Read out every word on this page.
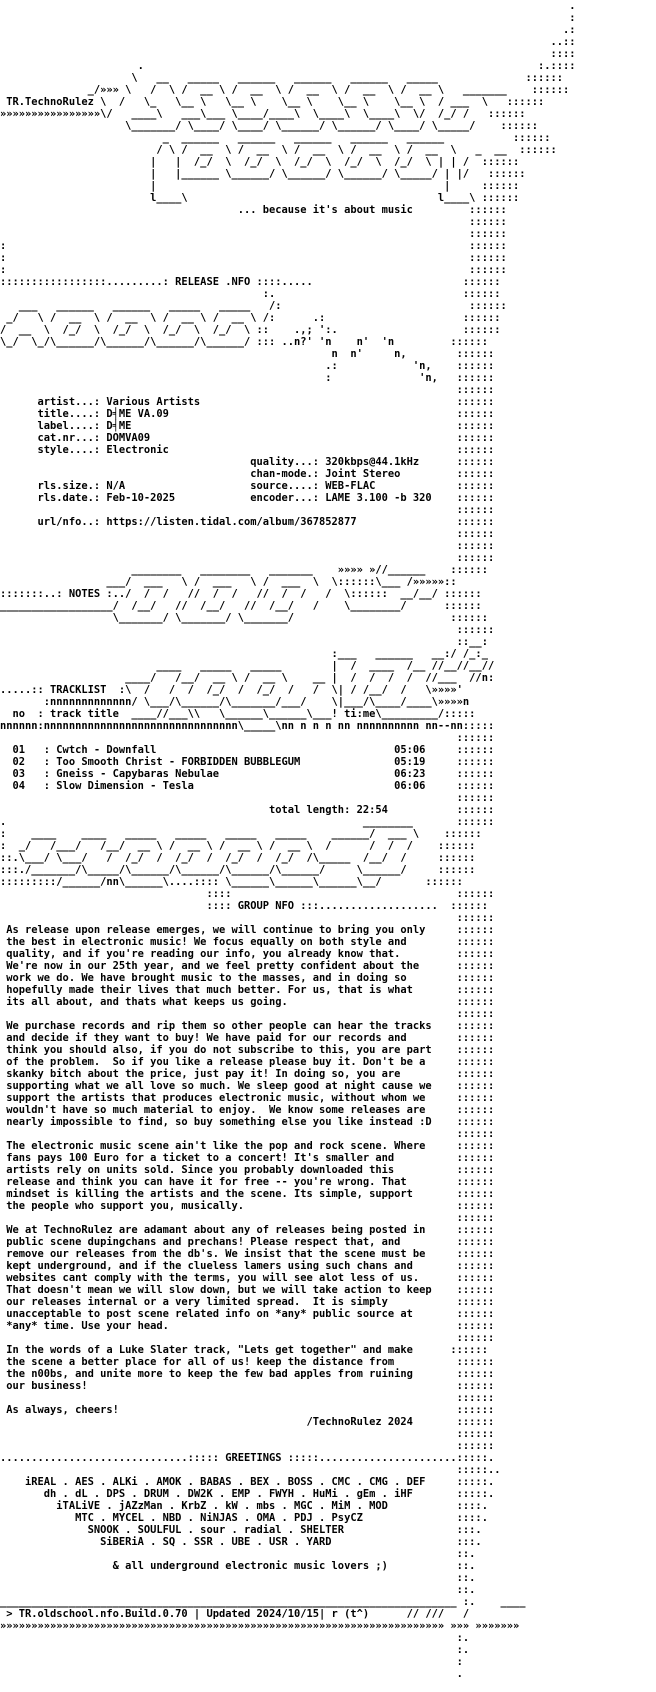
.
:
.:
..::
::::
.                                                               :.::::
\   __   _____   ______   ______   ______   _____              ::::::
_/»»» \   /  \ /  __ \ /  __  \ /  __  \ /  __  \ /  __ \   _______    ::::::
TR.TechnoRulez \  /   \_   \__ \   \__ \    \__ \    \__ \    \__ \  / ___  \   ::::::
»»»»»»»»»»»»»»»»\/   ____\   ___\___ \____/____\  \____\  \____\  \/  /_/ /   ::::::
\_______/ \____/ \____/ \______/ \______/ \____/ \_____/    ::::::
_  ______   ______   ______   ______   ______           ::::::
/ \ /  __  \ /  __  \ /  __  \ /  __  \ /  __  \   _  __  ::::::
|   |  /_/  \  /_/  \  /_/  \  /_/  \  /_/  \ | | /  ::::::
|   |______ \______/ \______/ \______/ \_____/ | |/   ::::::
|                                              |     ::::::
l____\                                        l____\ ::::::
... because it's about music         ::::::
::::::
::::::
:                                                                          ::::::
:                                                                          ::::::
:                                                                          ::::::
:::::::::::::::::.........: RELEASE .NFO ::::.....                        ::::::
:.                              ::::::
___   ______   ______   _____   _____   /:                              ::::::
_/   \ /  __  \ /  __  \ /  __ \ /  __ \ /:      .:                      ::::::
/  __  \  /_/  \  /_/  \  /_/  \  /_/  \ ::    .,; ':.                    ::::::
\_/  \_/\______/\______/\______/\______/ ::: ..n?' 'n    n'  'n         ::::::
n  n'     n,        ::::::
.:            'n,    ::::::
:              'n,   ::::::
::::::
artist...: Various Artists                                         ::::::
title....: D╡ME VA.09                                              ::::::
label....: D╡ME                                                    ::::::
cat.nr...: DOMVA09                                                 ::::::
style....: Electronic                                              ::::::
quality...: 320kbps@44.1kHz      ::::::
chan-mode.: Joint Stereo         ::::::
rls.size.: N/A                    source....: WEB-FLAC             ::::::
rls.date.: Feb-10-2025            encoder...: LAME 3.100 -b 320    ::::::
::::::
url/nfo..: https://listen.tidal.com/album/367852877                ::::::
::::::
::::::
::::::
________   ________   _______    »»»» »//______    ::::::
___/  ___   \ /  ___   \ /  ___  \  \::::::\___ /»»»»»::
:::::::..: NOTES :../  /  /   //  /  /   //  /  /   /  \::::::  __/__/ ::::::
__________________/  /__/   //  /__/   //  /__/   /    \________/      ::::::
\_______/ \_______/ \_______/                         ::::::
::::::
::__:
:___   ______   __:/ /_:_
____   _____   _____        |  /  ____  /__ //__//__//
____/   /__/  __ \ /  __ \    __ |  /  /  /  /  //___  //n:
.....:: TRACKLIST  :\  /   /  /  /_/  /  /_/  /   /  \| / /__/  /   \»»»»'
:nnnnnnnnnnnnn/ \___/\______/\_______/___/    \|___/\____/____\»»»»n
no  : track title  ____//___\\   \______\______\___! ti:me\_________/:::::
nnnnnn:nnnnnnnnnnnnnnnnnnnnnnnnnnnnnnn\_____\nn n n n nn nnnnnnnnnn nn--nn:::::
::::::
01   : Cwtch - Downfall                                      05:06     ::::::
02   : Too Smooth Christ - FORBIDDEN BUBBLEGUM               05:19     ::::::
03   : Gneiss - Capybaras Nebulae                            06:23     ::::::
04   : Slow Dimension - Tesla                                06:06     ::::::
::::::
total length: 22:54           ::::::
.                                                         ________       ::::::
:    ____    ____   _____   _____   _____   _____    ______/  ___ \    ::::::
:  _/   /___/   /__/  __ \ /  __ \ /  __ \ /  __ \  /      /  /  /    ::::::
::.\___/ \___/   /  /_/  /  /_/  /  /_/  /  /_/  /\_____  /__/  /     ::::::
:::./_______/\_____/\______/\______/\______/\______/     \______/     ::::::
:::::::::/______/nn\______\....:::: \______\______\______\__/       ::::::
::::                                    ::::::
:::: GROUP NFO :::...................  ::::::
::::::
As release upon release emerges, we will continue to bring you only     ::::::
the best in electronic music! We focus equally on both style and        ::::::
quality, and if you're reading our info, you already know that.         ::::::
We're now in our 25th year, and we feel pretty confident about the      ::::::
work we do. We have brought music to the masses, and in doing so        ::::::
hopefully made their lives that much better. For us, that is what       ::::::
its all about, and thats what keeps us going.                           ::::::
::::::
We purchase records and rip them so other people can hear the tracks    ::::::
and decide if they want to buy! We have paid for our records and        ::::::
think you should also, if you do not subscribe to this, you are part    ::::::
of the problem.  So if you like a release please buy it. Don't be a     ::::::
skanky bitch about the price, just pay it! In doing so, you are         ::::::
supporting what we all love so much. We sleep good at night cause we    ::::::
support the artists that produces electronic music, without whom we     ::::::
wouldn't have so much material to enjoy.  We know some releases are     ::::::
nearly impossible to find, so buy something else you like instead :D    ::::::
::::::
The electronic music scene ain't like the pop and rock scene. Where     ::::::
fans pays 100 Euro for a ticket to a concert! It's smaller and          ::::::
artists rely on units sold. Since you probably downloaded this          ::::::
release and think you can have it for free -- you're wrong. That        ::::::
mindset is killing the artists and the scene. Its simple, support       ::::::
the people who support you, musically.                                  ::::::
::::::
We at TechnoRulez are adamant about any of releases being posted in     ::::::
public scene dupingchans and prechans! Please respect that, and         ::::::
remove our releases from the db's. We insist that the scene must be     ::::::
kept underground, and if the clueless lamers using such chans and       ::::::
websites cant comply with the terms, you will see alot less of us.      ::::::
That doesn't mean we will slow down, but we will take action to keep    ::::::
our releases internal or a very limited spread.  It is simply           ::::::
unacceptable to post scene related info on *any* public source at       ::::::
*any* time. Use your head.                                              ::::::
::::::
In the words of a Luke Slater track, "Lets get together" and make      ::::::
the scene a better place for all of us! keep the distance from          ::::::
the n00bs, and unite more to keep the few bad apples from ruining       ::::::
our business!                                                           ::::::
::::::
As always, cheers!                                                      ::::::
/TechnoRulez 2024       ::::::
::::::
::::::
..............................::::: GREETINGS :::::......................:::::.
:::::..
iREAL . AES . ALKi . AMOK . BABAS . BEX . BOSS . CMC . CMG . DEF     :::::.
dh . dL . DPS . DRUM . DW2K . EMP . FWYH . HuMi . gEm . iHF       :::::.
iTALiVE . jAZzMan . KrbZ . kW . mbs . MGC . MiM . MOD           ::::.
MTC . MYCEL . NBD . NiNJAS . OMA . PDJ . PsyCZ               ::::.
SNOOK . SOULFUL . sour . radial . SHELTER                  :::.
SiBERiA . SQ . SSR . UBE . USR . YARD                    :::.
::.
& all underground electronic music lovers ;)           ::.
::.
::.
_________________________________________________________________________ :.    ____
> TR.oldschool.nfo.Build.0.70 | Updated 2024/10/15| r (t^)      // ///   /
»»»»»»»»»»»»»»»»»»»»»»»»»»»»»»»»»»»»»»»»»»»»»»»»»»»»»»»»»»»»»»»»»»»»»»» »»» »»»»»»»
:.
:.
:
.
